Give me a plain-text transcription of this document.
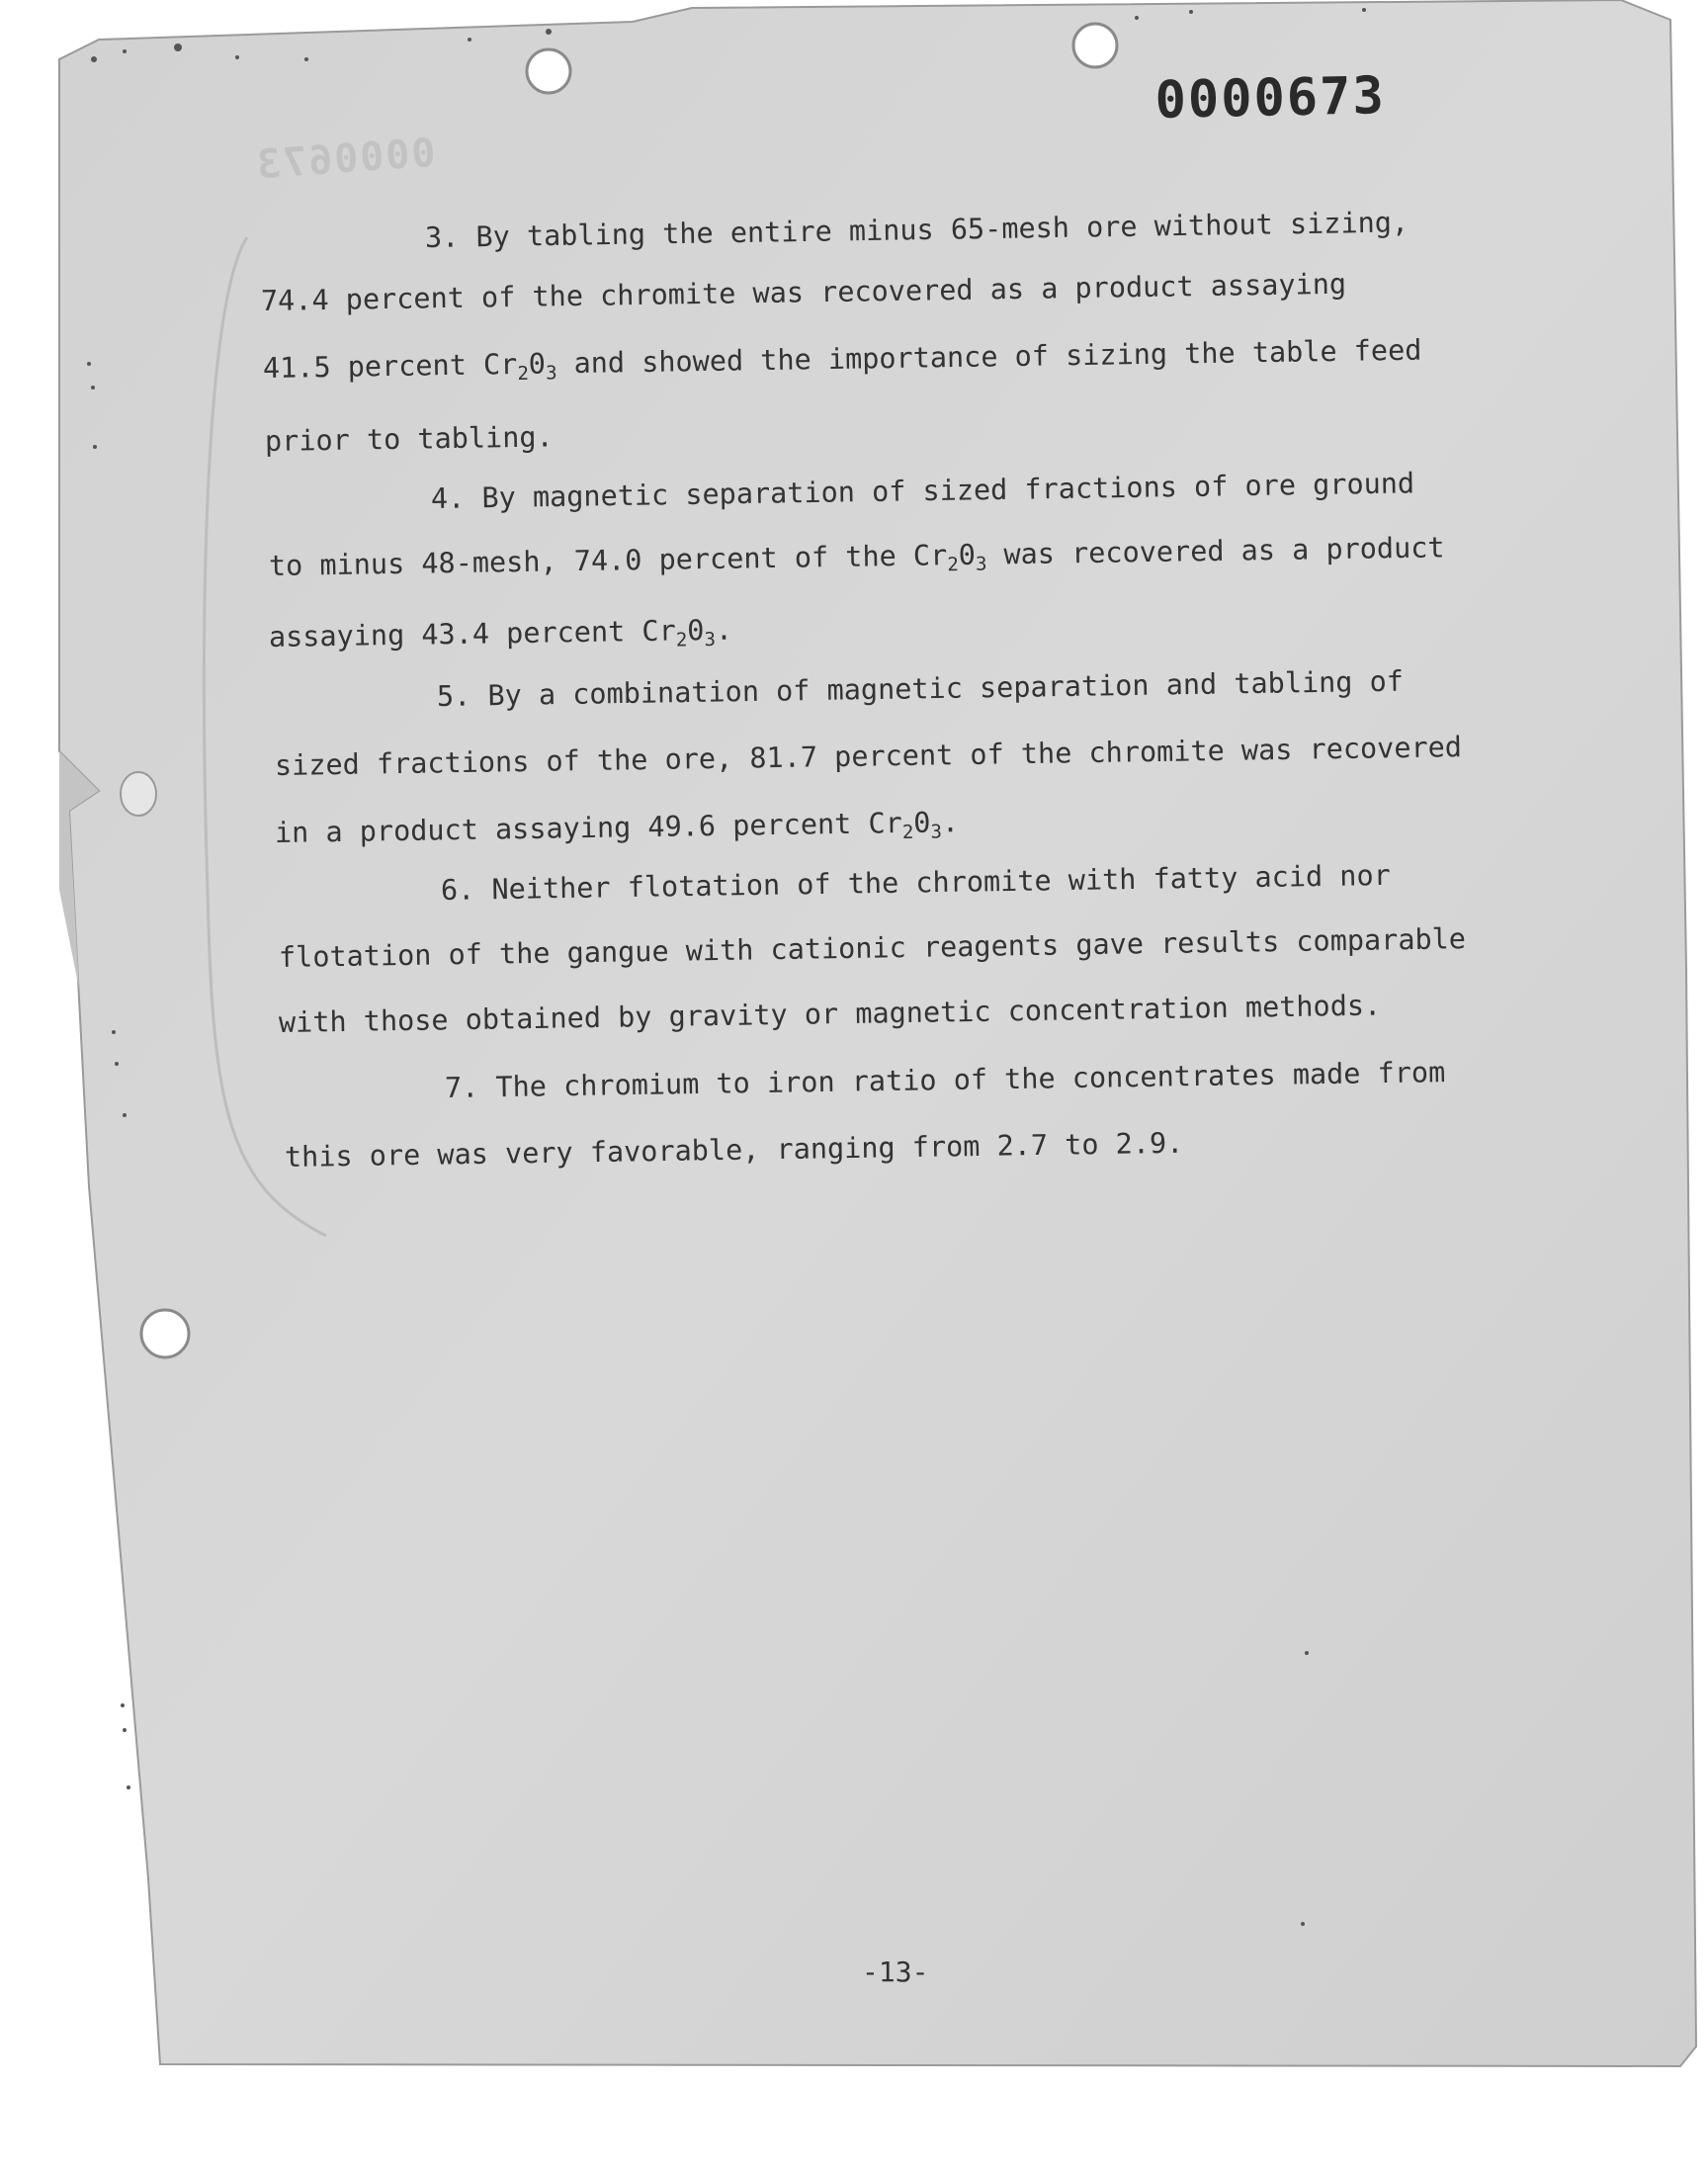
0000673
0000673
3. By tabling the entire minus 65-mesh ore without sizing,
74.4 percent of the chromite was recovered as a product assaying
41.5 percent $Cr_20_3$ and showed the importance of sizing the table feed
prior to tabling.
4. By magnetic separation of sized fractions of ore ground
to minus 48-mesh, 74.0 percent of the $Cr_20_3$ was recovered as a product
assaying 43.4 percent $Cr_20_3$.
5. By a combination of magnetic separation and tabling of
sized fractions of the ore, 81.7 percent of the chromite was recovered
in a product assaying 49.6 percent $Cr_20_3$.
6. Neither flotation of the chromite with fatty acid nor
flotation of the gangue with cationic reagents gave results comparable
with those obtained by gravity or magnetic concentration methods.
7. The chromium to iron ratio of the concentrates made from
this ore was very favorable, ranging from 2.7 to 2.9.
-13-
